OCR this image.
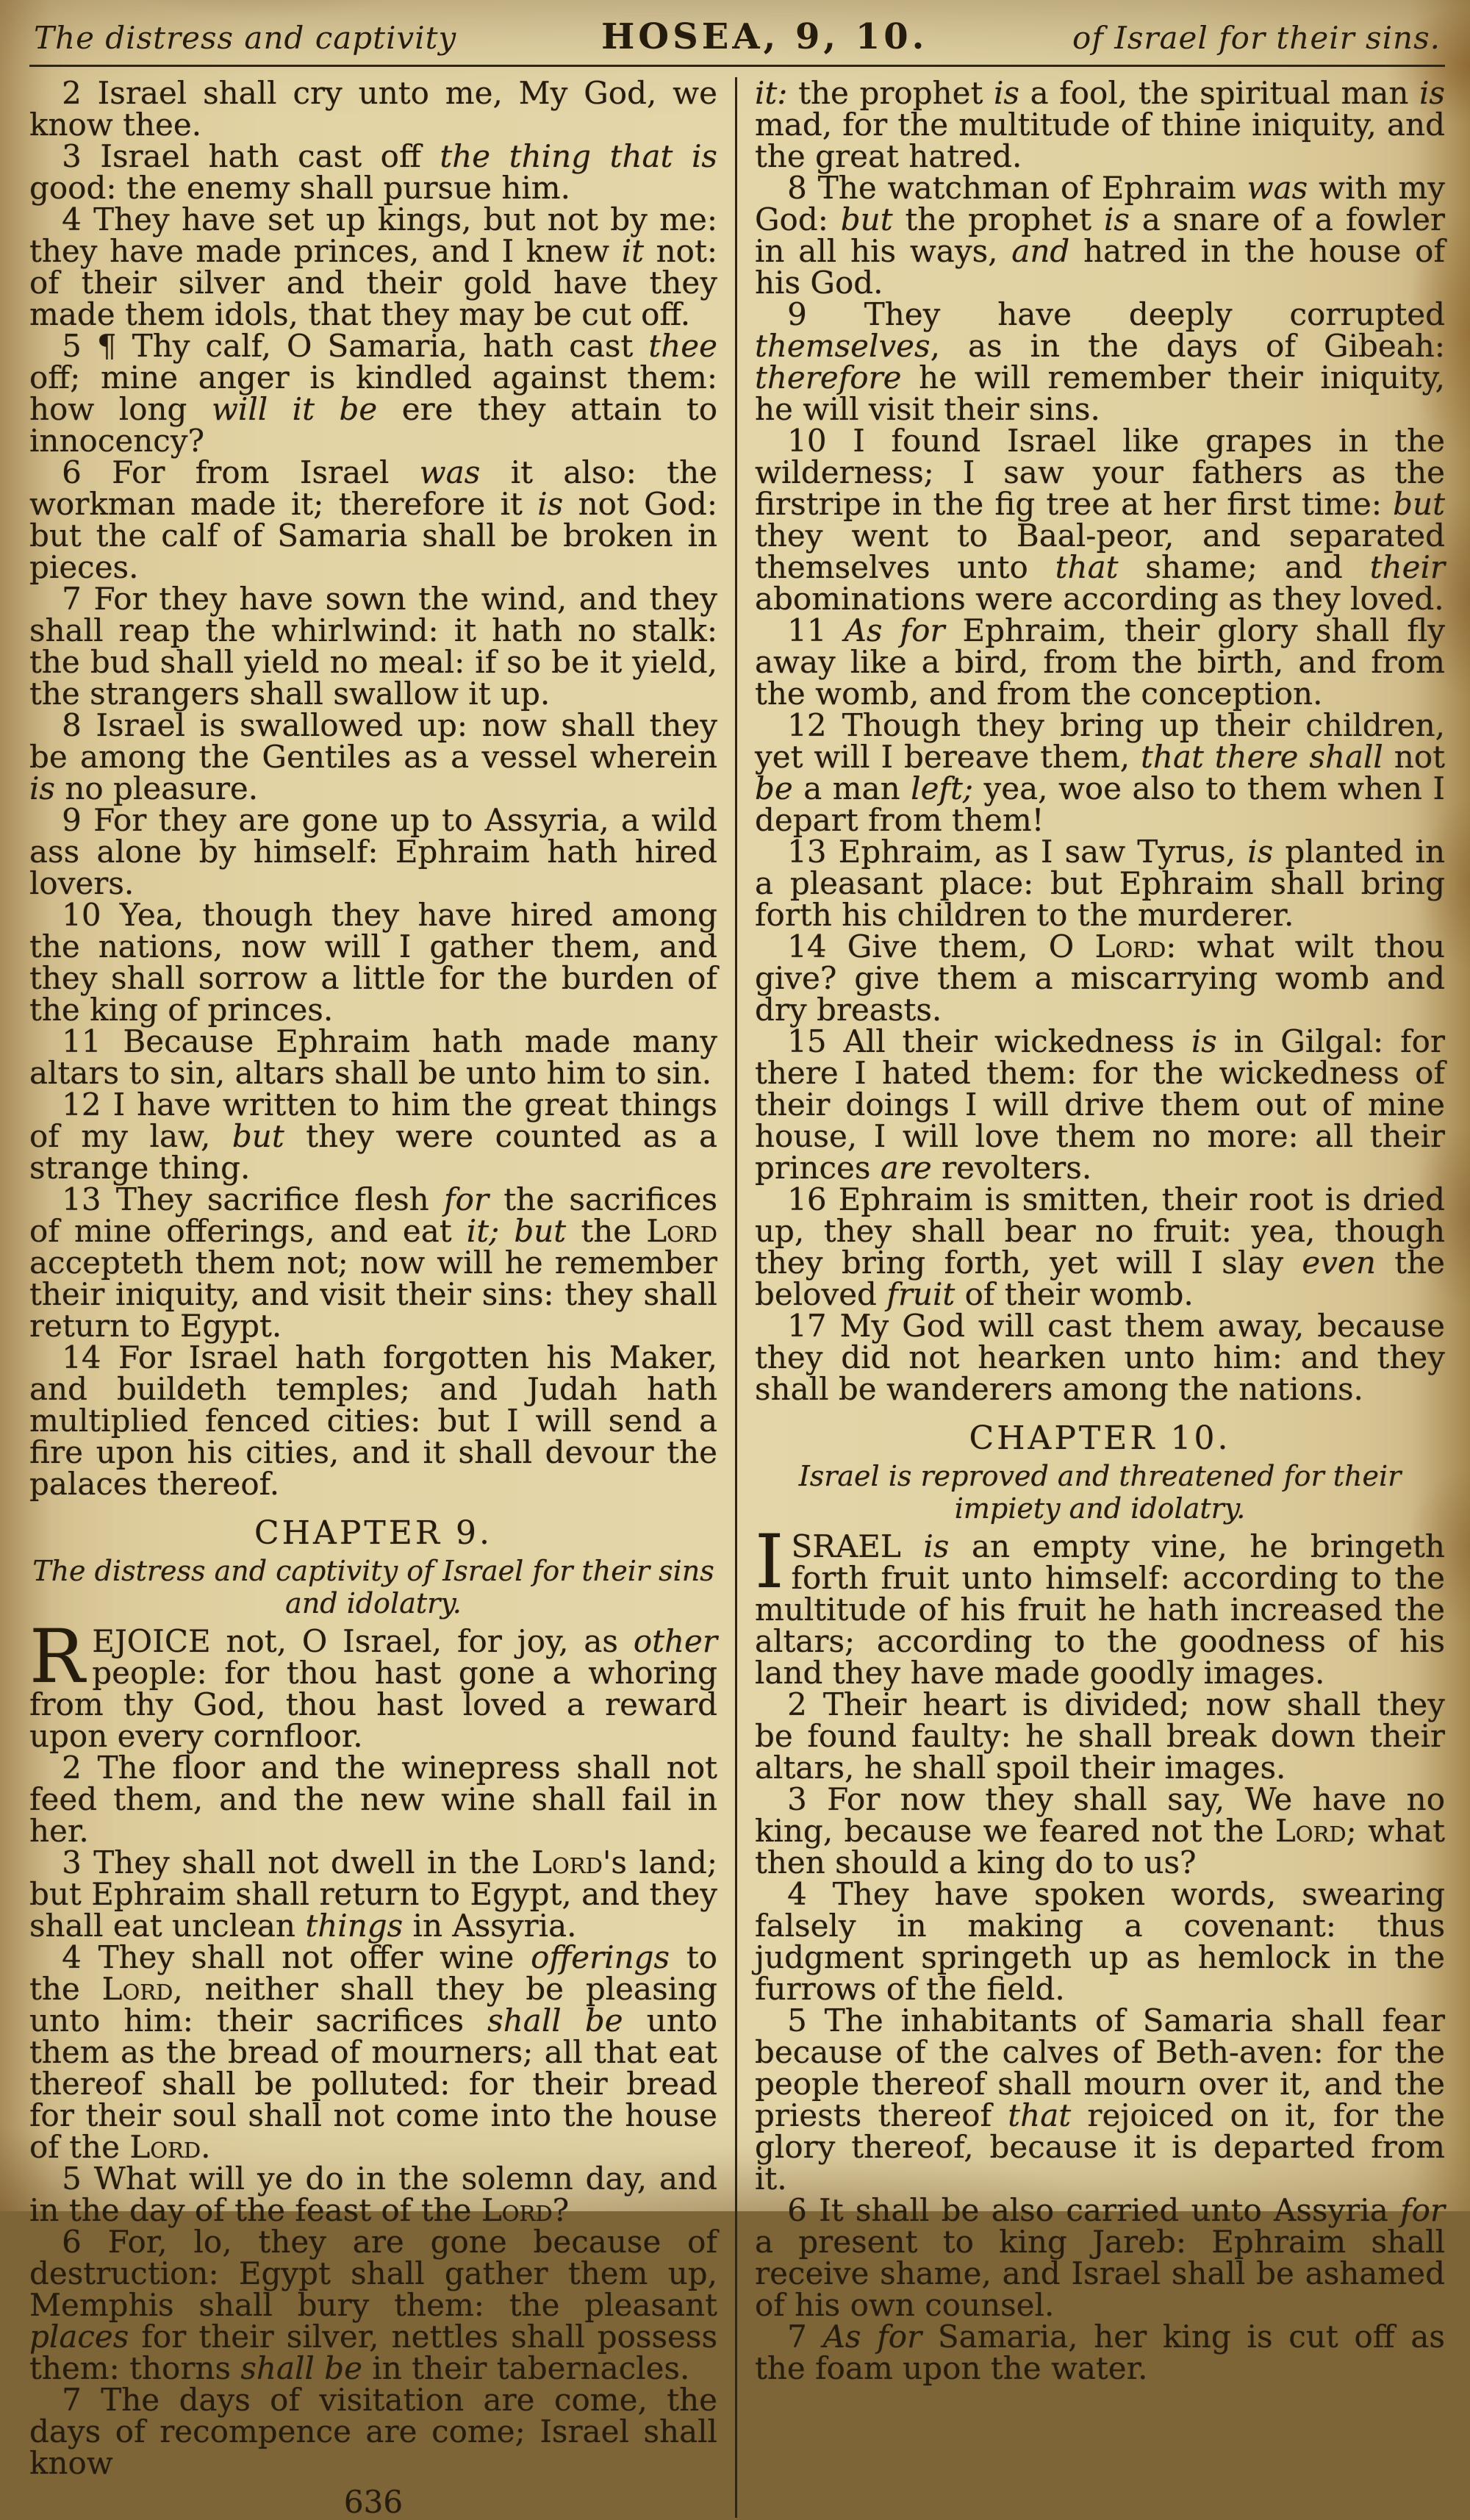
The distress and captivity	HOSEA, 9, 10.	of Israel for their sins.

2 Israel shall cry unto me, My God, we know thee.

3 Israel hath cast off the thing that is good: the enemy shall pursue him.

4 They have set up kings, but not by me: they have made princes, and I knew it not: of their silver and their gold have they made them idols, that they may be cut off.

5 ¶ Thy calf, O Samaria, hath cast thee off; mine anger is kindled against them: how long will it be ere they attain to innocency?

6 For from Israel was it also: the workman made it; therefore it is not God: but the calf of Samaria shall be broken in pieces.

7 For they have sown the wind, and they shall reap the whirlwind: it hath no stalk: the bud shall yield no meal: if so be it yield, the strangers shall swallow it up.

8 Israel is swallowed up: now shall they be among the Gentiles as a vessel wherein is no pleasure.

9 For they are gone up to Assyria, a wild ass alone by himself: Ephraim hath hired lovers.

10 Yea, though they have hired among the nations, now will I gather them, and they shall sorrow a little for the burden of the king of princes.

11 Because Ephraim hath made many altars to sin, altars shall be unto him to sin.

12 I have written to him the great things of my law, but they were counted as a strange thing.

13 They sacrifice flesh for the sacrifices of mine offerings, and eat it; but the Lord accepteth them not; now will he remember their iniquity, and visit their sins: they shall return to Egypt.

14 For Israel hath forgotten his Maker, and buildeth temples; and Judah hath multiplied fenced cities: but I will send a fire upon his cities, and it shall devour the palaces thereof.

CHAPTER 9.

The distress and captivity of Israel for their sins and idolatry.

REJOICE not, O Israel, for joy, as other people: for thou hast gone a whoring from thy God, thou hast loved a reward upon every cornfloor.

2 The floor and the winepress shall not feed them, and the new wine shall fail in her.

3 They shall not dwell in the Lord's land; but Ephraim shall return to Egypt, and they shall eat unclean things in Assyria.

4 They shall not offer wine offerings to the Lord, neither shall they be pleasing unto him: their sacrifices shall be unto them as the bread of mourners; all that eat thereof shall be polluted: for their bread for their soul shall not come into the house of the Lord.

5 What will ye do in the solemn day, and in the day of the feast of the Lord?

6 For, lo, they are gone because of destruction: Egypt shall gather them up, Memphis shall bury them: the pleasant places for their silver, nettles shall possess them: thorns shall be in their tabernacles.

7 The days of visitation are come, the days of recompence are come; Israel shall know

636

it: the prophet is a fool, the spiritual man is mad, for the multitude of thine iniquity, and the great hatred.

8 The watchman of Ephraim was with my God: but the prophet is a snare of a fowler in all his ways, and hatred in the house of his God.

9 They have deeply corrupted themselves, as in the days of Gibeah: therefore he will remember their iniquity, he will visit their sins.

10 I found Israel like grapes in the wilderness; I saw your fathers as the firstripe in the fig tree at her first time: but they went to Baal-peor, and separated themselves unto that shame; and their abominations were according as they loved.

11 As for Ephraim, their glory shall fly away like a bird, from the birth, and from the womb, and from the conception.

12 Though they bring up their children, yet will I bereave them, that there shall not be a man left; yea, woe also to them when I depart from them!

13 Ephraim, as I saw Tyrus, is planted in a pleasant place: but Ephraim shall bring forth his children to the murderer.

14 Give them, O Lord: what wilt thou give? give them a miscarrying womb and dry breasts.

15 All their wickedness is in Gilgal: for there I hated them: for the wickedness of their doings I will drive them out of mine house, I will love them no more: all their princes are revolters.

16 Ephraim is smitten, their root is dried up, they shall bear no fruit: yea, though they bring forth, yet will I slay even the beloved fruit of their womb.

17 My God will cast them away, because they did not hearken unto him: and they shall be wanderers among the nations.

CHAPTER 10.

Israel is reproved and threatened for their impiety and idolatry.

ISRAEL is an empty vine, he bringeth forth fruit unto himself: according to the multitude of his fruit he hath increased the altars; according to the goodness of his land they have made goodly images.

2 Their heart is divided; now shall they be found faulty: he shall break down their altars, he shall spoil their images.

3 For now they shall say, We have no king, because we feared not the Lord; what then should a king do to us?

4 They have spoken words, swearing falsely in making a covenant: thus judgment springeth up as hemlock in the furrows of the field.

5 The inhabitants of Samaria shall fear because of the calves of Beth-aven: for the people thereof shall mourn over it, and the priests thereof that rejoiced on it, for the glory thereof, because it is departed from it.

6 It shall be also carried unto Assyria for a present to king Jareb: Ephraim shall receive shame, and Israel shall be ashamed of his own counsel.

7 As for Samaria, her king is cut off as the foam upon the water.
